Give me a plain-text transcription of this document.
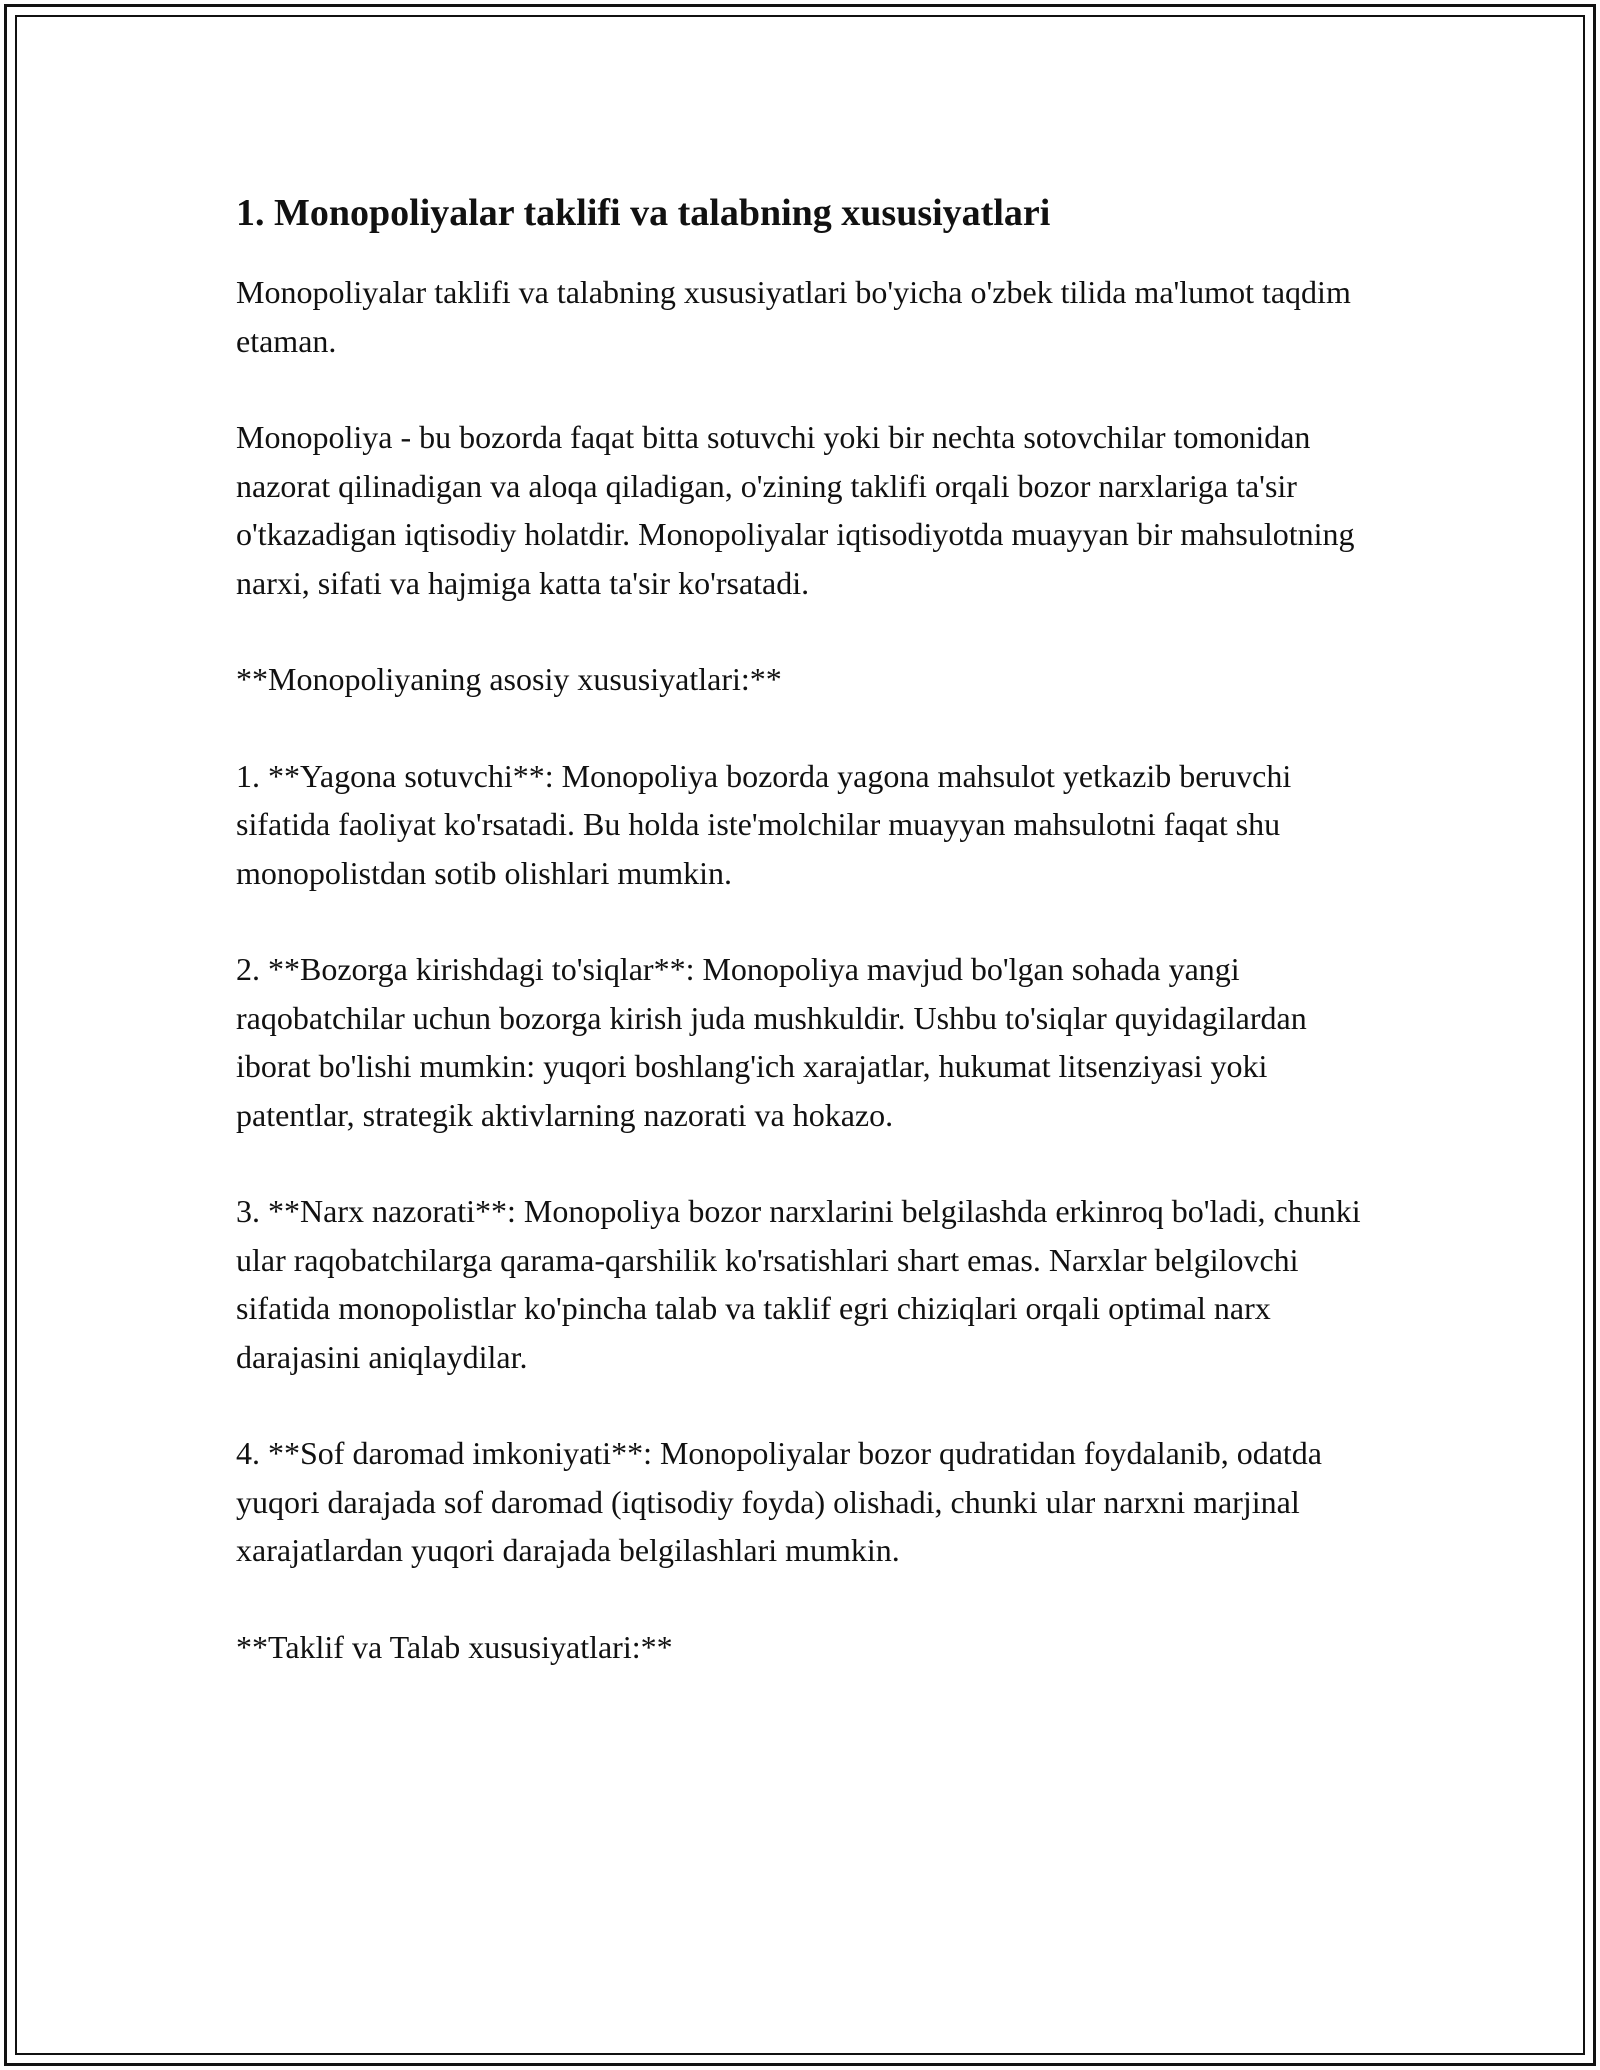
1. Monopoliyalar taklifi va talabning xususiyatlari

Monopoliyalar taklifi va talabning xususiyatlari bo'yicha o'zbek tilida ma'lumot taqdim etaman.

Monopoliya - bu bozorda faqat bitta sotuvchi yoki bir nechta sotovchilar tomonidan nazorat qilinadigan va aloqa qiladigan, o'zining taklifi orqali bozor narxlariga ta'sir o'tkazadigan iqtisodiy holatdir. Monopoliyalar iqtisodiyotda muayyan bir mahsulotning narxi, sifati va hajmiga katta ta'sir ko'rsatadi.

**Monopoliyaning asosiy xususiyatlari:**

1. **Yagona sotuvchi**: Monopoliya bozorda yagona mahsulot yetkazib beruvchi sifatida faoliyat ko'rsatadi. Bu holda iste'molchilar muayyan mahsulotni faqat shu monopolistdan sotib olishlari mumkin.

2. **Bozorga kirishdagi to'siqlar**: Monopoliya mavjud bo'lgan sohada yangi raqobatchilar uchun bozorga kirish juda mushkuldir. Ushbu to'siqlar quyidagilardan iborat bo'lishi mumkin: yuqori boshlang'ich xarajatlar, hukumat litsenziyasi yoki patentlar, strategik aktivlarning nazorati va hokazo.

3. **Narx nazorati**: Monopoliya bozor narxlarini belgilashda erkinroq bo'ladi, chunki ular raqobatchilarga qarama-qarshilik ko'rsatishlari shart emas. Narxlar belgilovchi sifatida monopolistlar ko'pincha talab va taklif egri chiziqlari orqali optimal narx darajasini aniqlaydilar.

4. **Sof daromad imkoniyati**: Monopoliyalar bozor qudratidan foydalanib, odatda yuqori darajada sof daromad (iqtisodiy foyda) olishadi, chunki ular narxni marjinal xarajatlardan yuqori darajada belgilashlari mumkin.

**Taklif va Talab xususiyatlari:**
